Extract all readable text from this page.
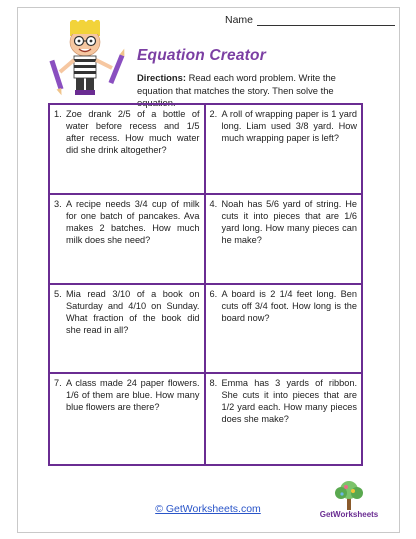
Name
Equation Creator
Directions: Read each word problem. Write the equation that matches the story. Then solve the equation.
1. Zoe drank 2/5 of a bottle of water before recess and 1/5 after recess. How much water did she drink altogether?
2. A roll of wrapping paper is 1 yard long. Liam used 3/8 yard. How much wrapping paper is left?
3. A recipe needs 3/4 cup of milk for one batch of pancakes. Ava makes 2 batches. How much milk does she need?
4. Noah has 5/6 yard of string. He cuts it into pieces that are 1/6 yard long. How many pieces can he make?
5. Mia read 3/10 of a book on Saturday and 4/10 on Sunday. What fraction of the book did she read in all?
6. A board is 2 1/4 feet long. Ben cuts off 3/4 foot. How long is the board now?
7. A class made 24 paper flowers. 1/6 of them are blue. How many blue flowers are there?
8. Emma has 3 yards of ribbon. She cuts it into pieces that are 1/2 yard each. How many pieces does she make?
© GetWorksheets.com	GetWorksheets
